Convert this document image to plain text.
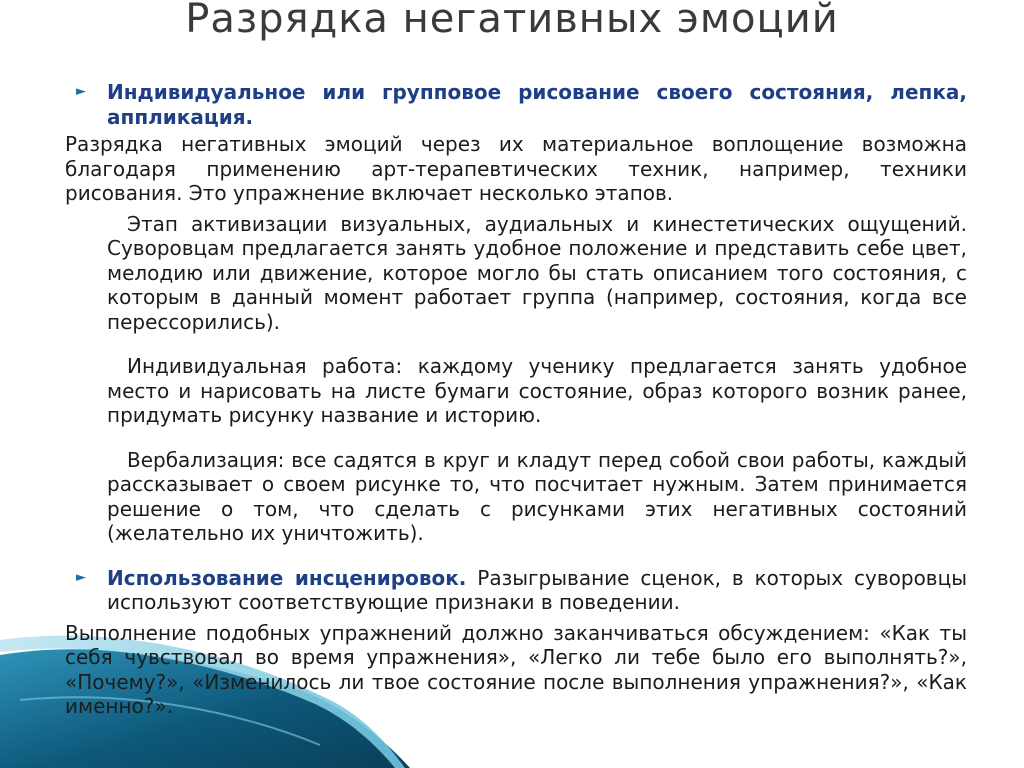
Разрядка негативных эмоций
►	Индивидуальное или групповое рисование своего состояния, лепка, аппликация.

Разрядка негативных эмоций через их материальное воплощение возможна благодаря применению арт-терапевтических техник, например, техники рисования. Это упражнение включает несколько этапов.

Этап активизации визуальных, аудиальных и кинестетических ощущений. Суворовцам предлагается занять удобное положение и представить себе цвет, мелодию или движение, которое могло бы стать описанием того состояния, с которым в данный момент работает группа (например, состояния, когда все перессорились).

Индивидуальная работа: каждому ученику предлагается занять удобное место и нарисовать на листе бумаги состояние, образ которого возник ранее, придумать рисунку название и историю.

Вербализация: все садятся в круг и кладут перед собой свои работы, каждый рассказывает о своем рисунке то, что посчитает нужным. Затем принимается решение о том, что сделать с рисунками этих негативных состояний (желательно их уничтожить).

►	Использование инсценировок. Разыгрывание сценок, в которых суворовцы используют соответствующие признаки в поведении.

Выполнение подобных упражнений должно заканчиваться обсуждением: «Как ты себя чувствовал во время упражнения», «Легко ли тебе было его выполнять?», «Почему?», «Изменилось ли твое состояние после выполнения упражнения?», «Как именно?».
